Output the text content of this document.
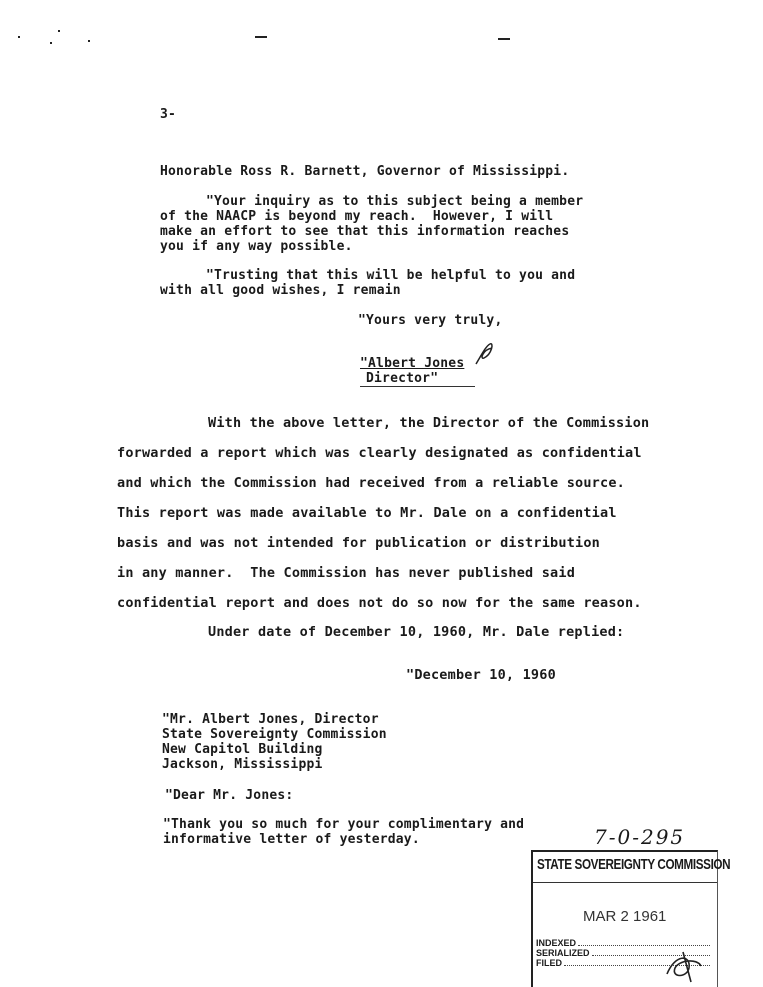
3-
Honorable Ross R. Barnett, Governor of Mississippi.
"Your inquiry as to this subject being a member
of the NAACP is beyond my reach.  However, I will
make an effort to see that this information reaches
you if any way possible.
"Trusting that this will be helpful to you and
with all good wishes, I remain
"Yours very truly,
"Albert Jones
Director"
With the above letter, the Director of the Commission
forwarded a report which was clearly designated as confidential
and which the Commission had received from a reliable source.
This report was made available to Mr. Dale on a confidential
basis and was not intended for publication or distribution
in any manner.  The Commission has never published said
confidential report and does not do so now for the same reason.
Under date of December 10, 1960, Mr. Dale replied:
"December 10, 1960
"Mr. Albert Jones, Director
State Sovereignty Commission
New Capitol Building
Jackson, Mississippi
"Dear Mr. Jones:
"Thank you so much for your complimentary and
informative letter of yesterday.	7-0-295
STATE SOVEREIGNTY COMMISSION
MAR 2 1961
INDEXED
SERIALIZED
FILED
